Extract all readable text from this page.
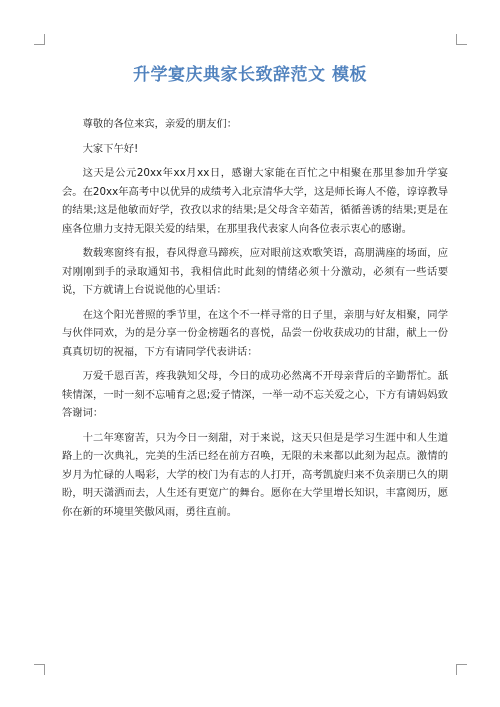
升学宴庆典家长致辞范文 模板

尊敬的各位来宾，亲爱的朋友们：

大家下午好!

这天是公元20xx年xx月xx日，感谢大家能在百忙之中相聚在那里参加升学宴会。在20xx年高考中以优异的成绩考入北京清华大学，这是师长诲人不倦，谆谆教导的结果;这是他敏而好学，孜孜以求的结果;是父母含辛茹苦，循循善诱的结果;更是在座各位鼎力支持无限关爱的结果，在那里我代表家人向各位表示衷心的感谢。

数载寒窗终有报，春风得意马蹄疾，应对眼前这欢歌笑语，高朋满座的场面，应对刚刚到手的录取通知书，我相信此时此刻的情绪必须十分激动，必须有一些话要说，下方就请上台说说他的心里话：

在这个阳光普照的季节里，在这个不一样寻常的日子里，亲朋与好友相聚，同学与伙伴同欢，为的是分享一份金榜题名的喜悦，品尝一份收获成功的甘甜，献上一份真真切切的祝福，下方有请同学代表讲话：

万爱千恩百苦，疼我孰知父母，今日的成功必然离不开母亲背后的辛勤帮忙。舐犊情深，一时一刻不忘哺育之恩;爱子情深，一举一动不忘关爱之心，下方有请妈妈致答谢词：

十二年寒窗苦，只为今日一刻甜，对于来说，这天只但是是学习生涯中和人生道路上的一次典礼，完美的生活已经在前方召唤，无限的未来都以此刻为起点。激情的岁月为忙碌的人喝彩，大学的校门为有志的人打开，高考凯旋归来不负亲朋已久的期盼，明天潇洒而去，人生还有更宽广的舞台。愿你在大学里增长知识，丰富阅历，愿你在新的环境里笑傲风雨，勇往直前。
